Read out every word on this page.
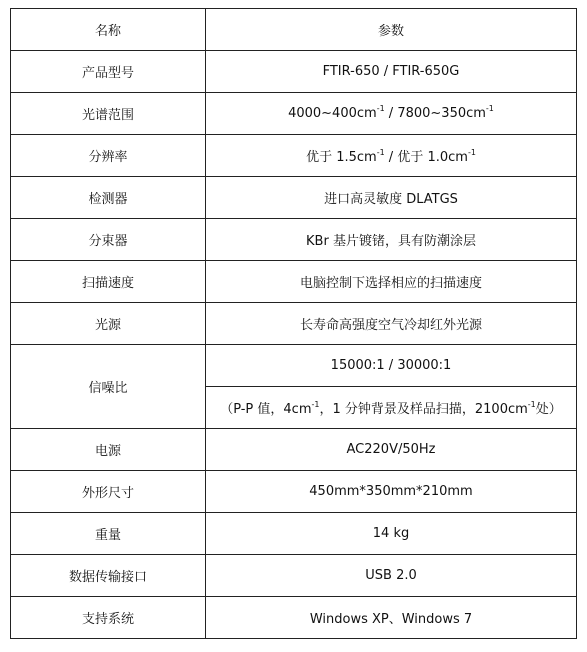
名称	参数
产品型号	FTIR-650 / FTIR-650G
光谱范围	$4000\sim 400cm^{-1}$ / $7800\sim 350cm^{-1}$
分辨率	优于 $1.5cm^{-1}$ / 优于 $1.0cm^{-1}$
检测器	进口高灵敏度 DLATGS
分束器	KBr 基片镀锗，具有防潮涂层
扫描速度	电脑控制下选择相应的扫描速度
光源	长寿命高强度空气冷却红外光源
信噪比	15000:1 / 30000:1
	（P-P 值，$4cm^{-1}$，1 分钟背景及样品扫描，$2100cm^{-1}$处）
电源	AC220V/50Hz
外形尺寸	450mm*350mm*210mm
重量	14 kg
数据传输接口	USB 2.0
支持系统	Windows XP、Windows 7
